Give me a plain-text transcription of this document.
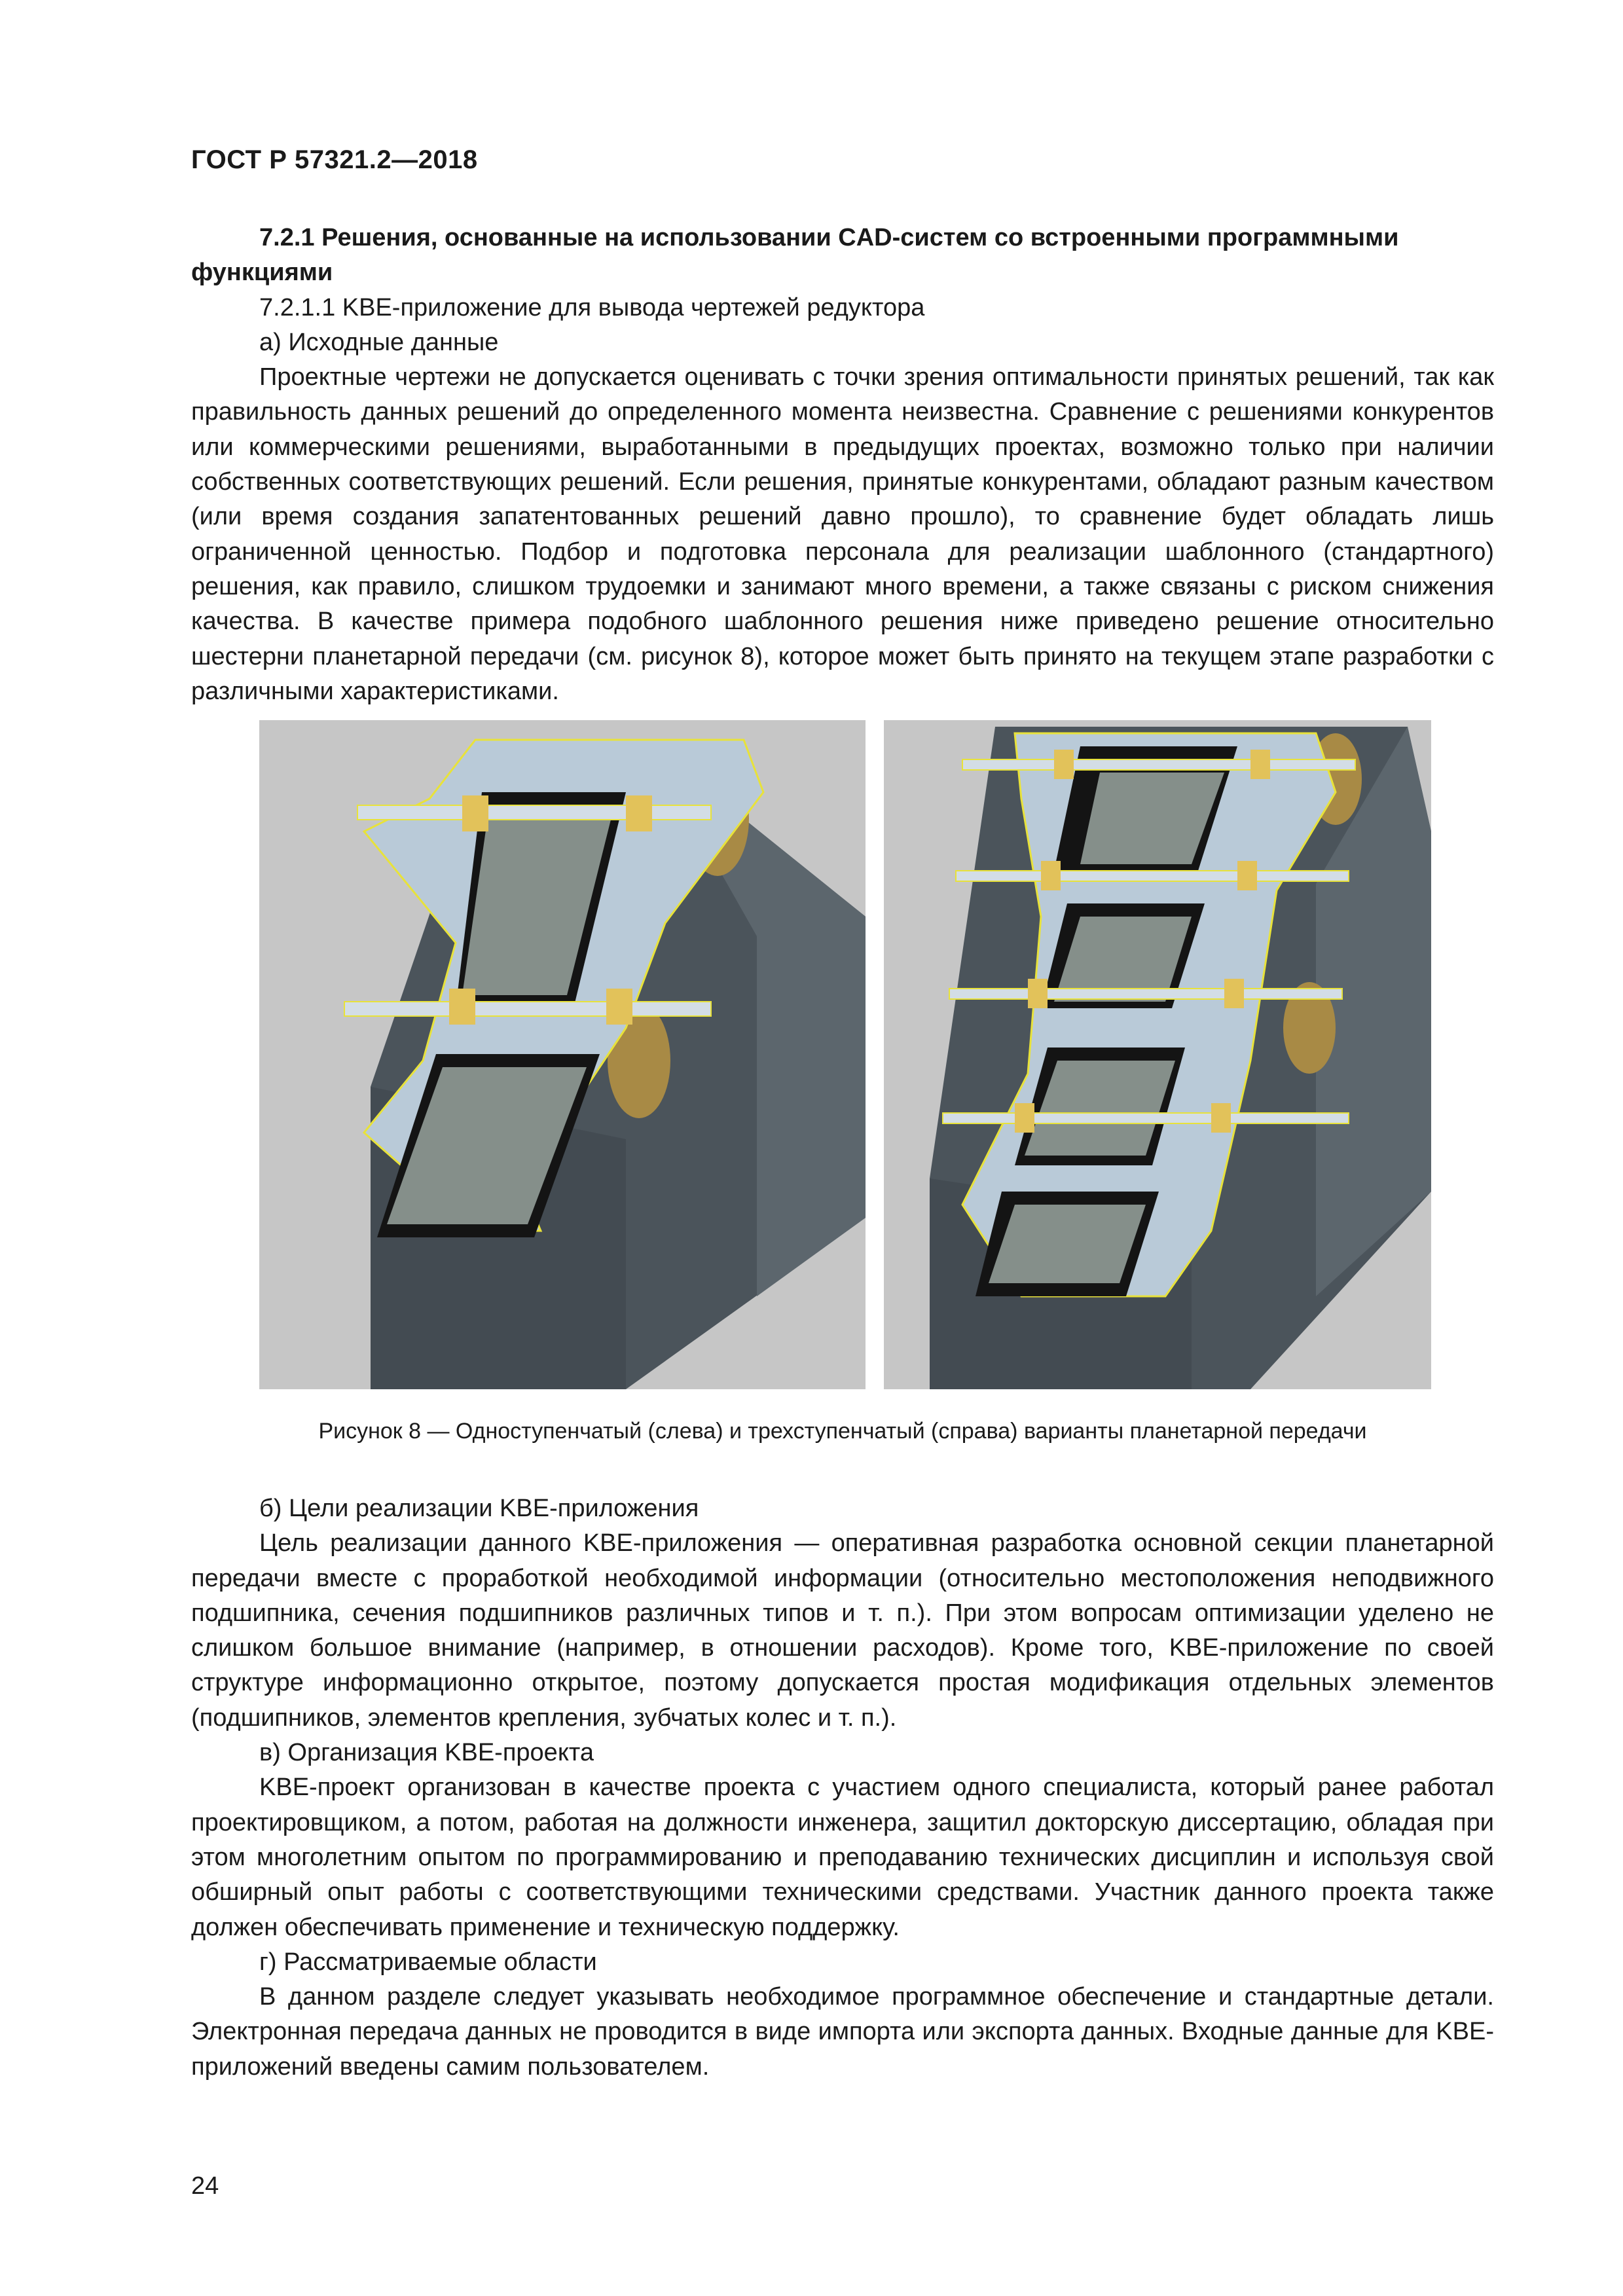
ГОСТ Р 57321.2—2018

7.2.1 Решения, основанные на использовании CAD-систем со встроенными программными функциями

7.2.1.1 KBE-приложение для вывода чертежей редуктора

а) Исходные данные

Проектные чертежи не допускается оценивать с точки зрения оптимальности принятых решений, так как правильность данных решений до определенного момента неизвестна. Сравнение с решениями конкурентов или коммерческими решениями, выработанными в предыдущих проектах, возможно только при наличии собственных соответствующих решений. Если решения, принятые конкурентами, обладают разным качеством (или время создания запатентованных решений давно прошло), то сравнение будет обладать лишь ограниченной ценностью. Подбор и подготовка персонала для реализации шаблонного (стандартного) решения, как правило, слишком трудоемки и занимают много времени, а также связаны с риском снижения качества. В качестве примера подобного шаблонного решения ниже приведено решение относительно шестерни планетарной передачи (см. рисунок 8), которое может быть принято на текущем этапе разработки с различными характеристиками.

Рисунок 8 — Одноступенчатый (слева) и трехступенчатый (справа) варианты планетарной передачи

б) Цели реализации KBE-приложения

Цель реализации данного KBE-приложения — оперативная разработка основной секции планетарной передачи вместе с проработкой необходимой информации (относительно местоположения неподвижного подшипника, сечения подшипников различных типов и т. п.). При этом вопросам оптимизации уделено не слишком большое внимание (например, в отношении расходов). Кроме того, KBE-приложение по своей структуре информационно открытое, поэтому допускается простая модификация отдельных элементов (подшипников, элементов крепления, зубчатых колес и т. п.).

в) Организация KBE-проекта

KBE-проект организован в качестве проекта с участием одного специалиста, который ранее работал проектировщиком, а потом, работая на должности инженера, защитил докторскую диссертацию, обладая при этом многолетним опытом по программированию и преподаванию технических дисциплин и используя свой обширный опыт работы с соответствующими техническими средствами. Участник данного проекта также должен обеспечивать применение и техническую поддержку.

г) Рассматриваемые области

В данном разделе следует указывать необходимое программное обеспечение и стандартные детали. Электронная передача данных не проводится в виде импорта или экспорта данных. Входные данные для KBE-приложений введены самим пользователем.

24
